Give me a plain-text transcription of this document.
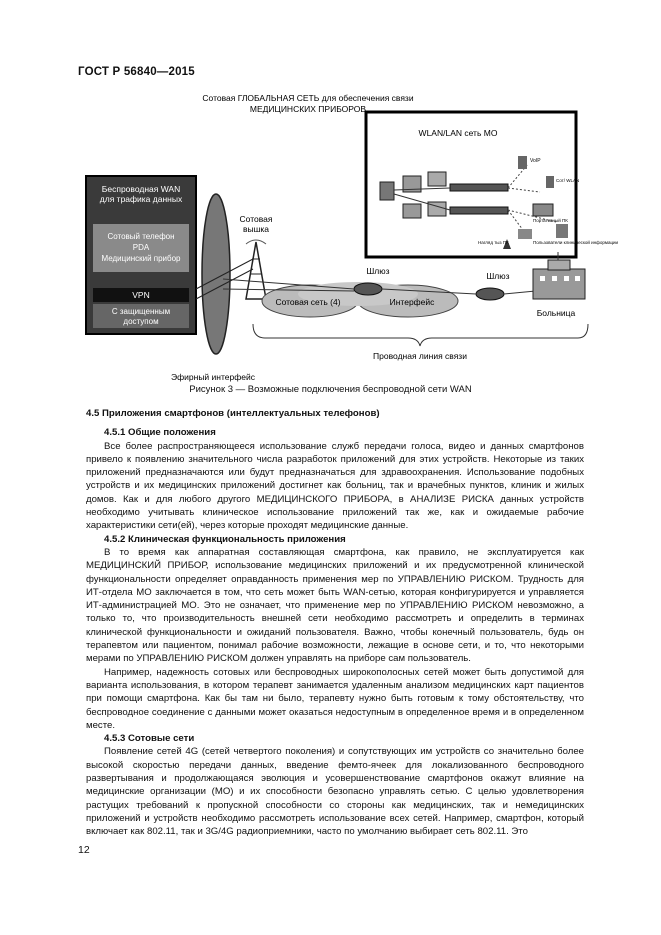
ГОСТ Р 56840—2015
Сотовая ГЛОБАЛЬНАЯ СЕТЬ для обеспечения связи
МЕДИЦИНСКИХ ПРИБОРОВ
WLAN/LAN сеть МО
VoIP
Сот/ WLAN
Портативный ПК
Нагляд тыз ПК	Пользователи клинической информации
Беспроводная WAN
для трафика данных
Сотовый телефон
PDA
Медицинский прибор
VPN
С защищенным
доступом
Сотовая
вышка
Сотовая сеть (4)	Интерфейс
Шлюз	Шлюз
Больница
Проводная линия связи
Эфирный интерфейс
Рисунок 3 — Возможные подключения беспроводной сети WAN

4.5 Приложения смартфонов (интеллектуальных телефонов)

4.5.1 Общие положения

Все более распространяющееся использование служб передачи голоса, видео и данных смартфонов привело к появлению значительного числа разработок приложений для этих устройств. Некоторые из таких приложений предназначаются или будут предназначаться для здравоохранения. Использование подобных устройств и их медицинских приложений достигнет как больниц, так и врачебных пунктов, клиник и жилых домов. Как и для любого другого МЕДИЦИНСКОГО ПРИБОРА, в АНАЛИЗЕ РИСКА данных устройств необходимо учитывать клиническое использование приложений так же, как и ожидаемые рабочие характеристики сети(ей), через которые проходят медицинские данные.

4.5.2 Клиническая функциональность приложения

В то время как аппаратная составляющая смартфона, как правило, не эксплуатируется как МЕДИЦИНСКИЙ ПРИБОР, использование медицинских приложений и их предусмотренной клинической функциональности определяет оправданность применения мер по УПРАВЛЕНИЮ РИСКОМ. Трудность для ИТ-отдела МО заключается в том, что сеть может быть WAN-сетью, которая конфигурируется и управляется ИТ-администрацией МО. Это не означает, что применение мер по УПРАВЛЕНИЮ РИСКОМ невозможно, а только то, что производительность внешней сети необходимо рассмотреть и определить в терминах клинической функциональности и ожиданий пользователя. Важно, чтобы конечный пользователь, будь он терапевтом или пациентом, понимал рабочие возможности, лежащие в основе сети, и то, что некоторыми мерами по УПРАВЛЕНИЮ РИСКОМ должен управлять на приборе сам пользователь.

Например, надежность сотовых или беспроводных широкополосных сетей может быть допустимой для варианта использования, в котором терапевт занимается удаленным анализом медицинских карт пациентов при помощи смартфона. Как бы там ни было, терапевту нужно быть готовым к тому обстоятельству, что беспроводное соединение с данными может оказаться недоступным в определенное время и в определенном месте.

4.5.3 Сотовые сети

Появление сетей 4G (сетей четвертого поколения) и сопутствующих им устройств со значительно более высокой скоростью передачи данных, введение фемто-ячеек для локализованного беспроводного развертывания и продолжающаяся эволюция и усовершенствование смартфонов окажут влияние на медицинские организации (МО) и их способности безопасно управлять сетью. С целью удовлетворения растущих требований к пропускной способности со стороны как медицинских, так и немедицинских приложений и устройств необходимо рассмотреть использование всех сетей. Например, смартфон, который включает как 802.11, так и 3G/4G радиоприемники, часто по умолчанию выбирает сеть 802.11. Это

12
